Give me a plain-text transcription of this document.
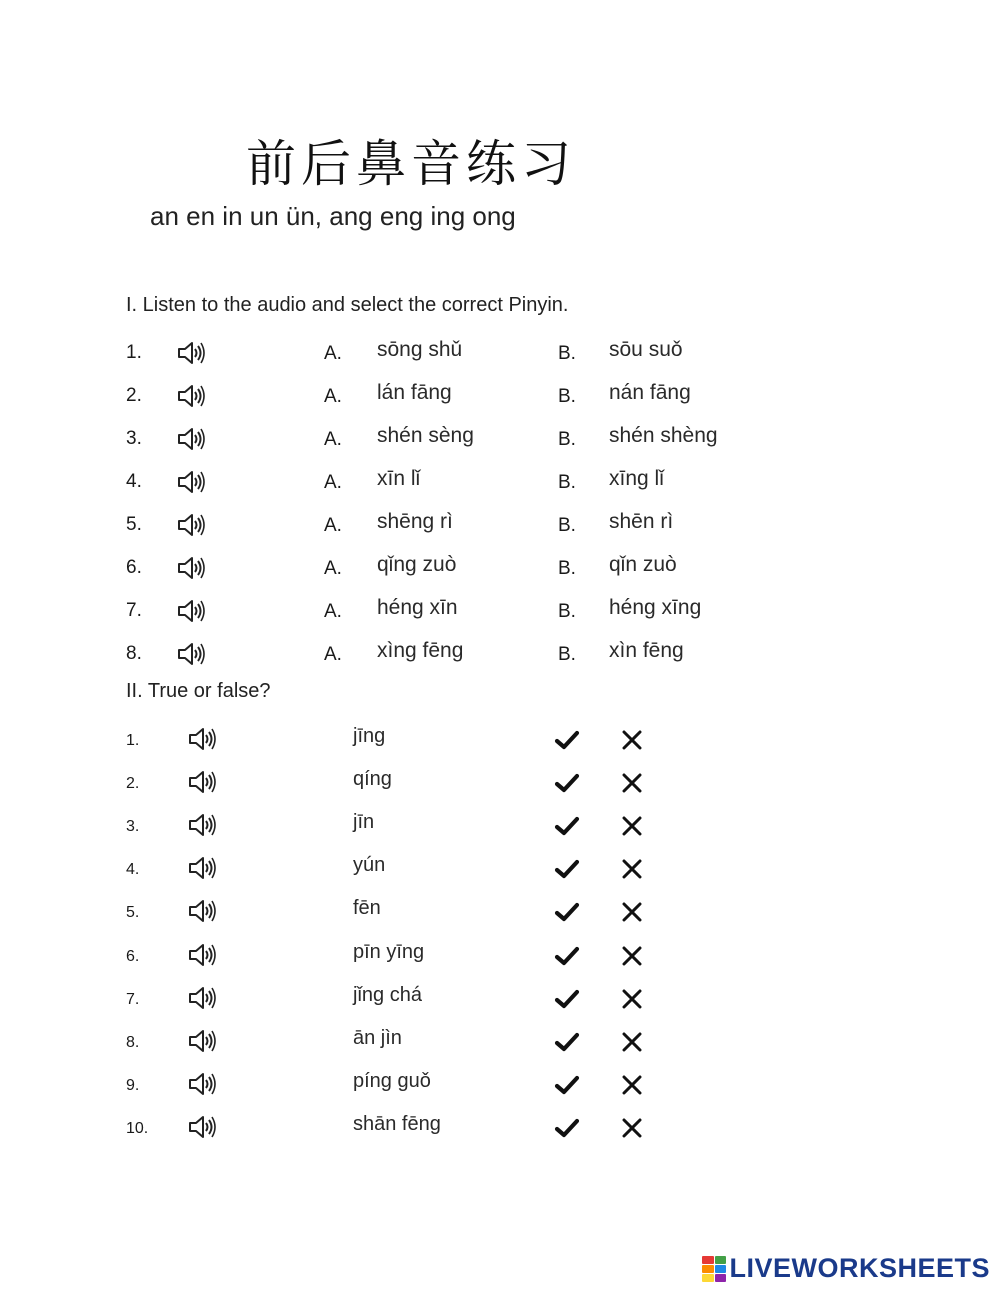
前后鼻音练习
an en in un ün, ang eng ing ong
I. Listen to the audio and select the correct Pinyin.
1.	A. sōng shǔ	B. sōu suǒ
2.	A. lán fāng	B. nán fāng
3.	A. shén sèng	B. shén shèng
4.	A. xīn lǐ	B. xīng lǐ
5.	A. shēng rì	B. shēn rì
6.	A. qǐng zuò	B. qǐn zuò
7.	A. héng xīn	B. héng xīng
8.	A. xìng fēng	B. xìn fēng
II. True or false?
1.	jīng
2.	qíng
3.	jīn
4.	yún
5.	fēn
6.	pīn yīng
7.	jǐng chá
8.	ān jìn
9.	píng guǒ
10.	shān fēng
LIVEWORKSHEETS
